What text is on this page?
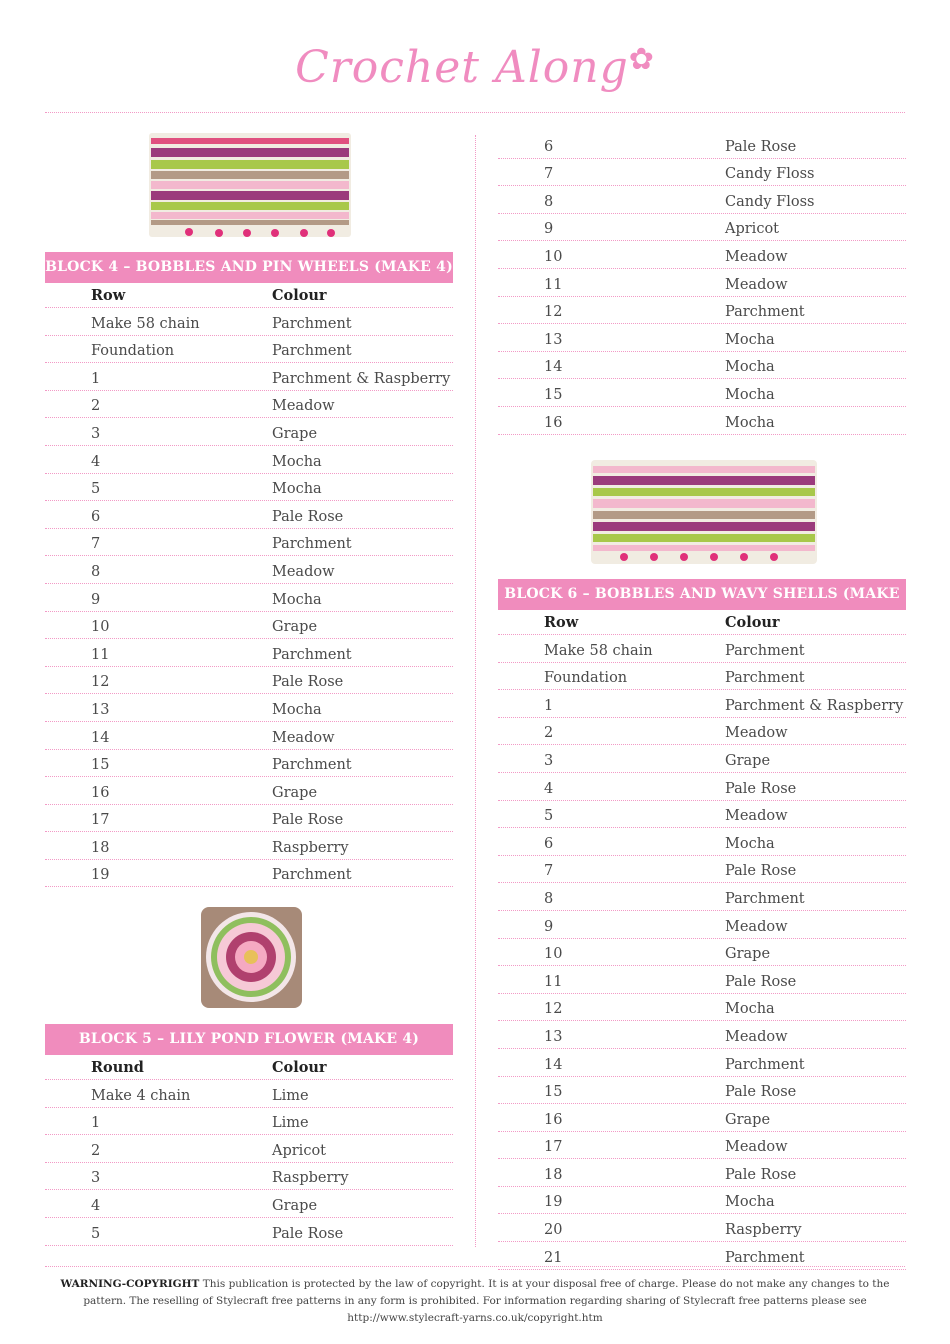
Crochet Along✿
BLOCK 4 – BOBBLES AND PIN WHEELS (MAKE 4)
Row	Colour
Make 58 chain	Parchment
Foundation	Parchment
1	Parchment & Raspberry
2	Meadow
3	Grape
4	Mocha
5	Mocha
6	Pale Rose
7	Parchment
8	Meadow
9	Mocha
10	Grape
11	Parchment
12	Pale Rose
13	Mocha
14	Meadow
15	Parchment
16	Grape
17	Pale Rose
18	Raspberry
19	Parchment
BLOCK 5 – LILY POND FLOWER (MAKE 4)
Round	Colour
Make 4 chain	Lime
1	Lime
2	Apricot
3	Raspberry
4	Grape
5	Pale Rose
6	Pale Rose
7	Candy Floss
8	Candy Floss
9	Apricot
10	Meadow
11	Meadow
12	Parchment
13	Mocha
14	Mocha
15	Mocha
16	Mocha
BLOCK 6 – BOBBLES AND WAVY SHELLS (MAKE 4)
Row	Colour
Make 58 chain	Parchment
Foundation	Parchment
1	Parchment & Raspberry
2	Meadow
3	Grape
4	Pale Rose
5	Meadow
6	Mocha
7	Pale Rose
8	Parchment
9	Meadow
10	Grape
11	Pale Rose
12	Mocha
13	Meadow
14	Parchment
15	Pale Rose
16	Grape
17	Meadow
18	Pale Rose
19	Mocha
20	Raspberry
21	Parchment
WARNING-COPYRIGHT This publication is protected by the law of copyright. It is at your disposal free of charge. Please do not make any changes to the pattern. The reselling of Stylecraft free patterns in any form is prohibited. For information regarding sharing of Stylecraft free patterns please see http://www.stylecraft-yarns.co.uk/copyright.htm
